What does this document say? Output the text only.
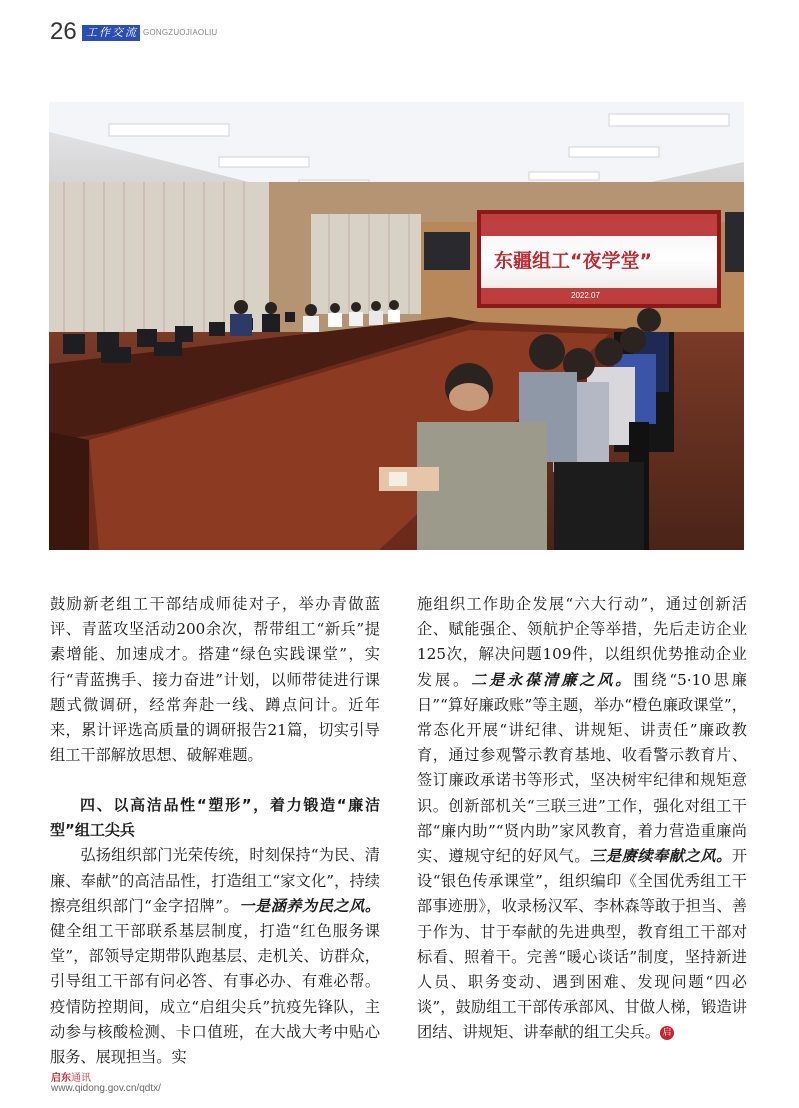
26 工作交流 GONGZUOJIAOLIU
东疆组工“夜学堂”
2022.07

鼓励新老组工干部结成师徒对子，举办青做蓝评、青蓝攻坚活动200余次，帮带组工“新兵”提素增能、加速成才。搭建“绿色实践课堂”，实行“青蓝携手、接力奋进”计划，以师带徒进行课题式微调研，经常奔赴一线、蹲点问计。近年来，累计评选高质量的调研报告21篇，切实引导组工干部解放思想、破解难题。

四、以高洁品性“塑形”，着力锻造“廉洁型”组工尖兵

弘扬组织部门光荣传统，时刻保持“为民、清廉、奉献”的高洁品性，打造组工“家文化”，持续擦亮组织部门“金字招牌”。一是涵养为民之风。健全组工干部联系基层制度，打造“红色服务课堂”，部领导定期带队跑基层、走机关、访群众，引导组工干部有问必答、有事必办、有难必帮。疫情防控期间，成立“启组尖兵”抗疫先锋队，主动参与核酸检测、卡口值班，在大战大考中贴心服务、展现担当。实

施组织工作助企发展“六大行动”，通过创新活企、赋能强企、领航护企等举措，先后走访企业125次，解决问题109件，以组织优势推动企业发展。二是永葆清廉之风。围绕“5·10思廉日”“算好廉政账”等主题，举办“橙色廉政课堂”，常态化开展“讲纪律、讲规矩、讲责任”廉政教育，通过参观警示教育基地、收看警示教育片、签订廉政承诺书等形式，坚决树牢纪律和规矩意识。创新部机关“三联三进”工作，强化对组工干部“廉内助”“贤内助”家风教育，着力营造重廉尚实、遵规守纪的好风气。三是赓续奉献之风。开设“银色传承课堂”，组织编印《全国优秀组工干部事迹册》，收录杨汉军、李林森等敢于担当、善于作为、甘于奉献的先进典型，教育组工干部对标看、照着干。完善“暖心谈话”制度，坚持新进人员、职务变动、遇到困难、发现问题“四必谈”，鼓励组工干部传承部风、甘做人梯，锻造讲团结、讲规矩、讲奉献的组工尖兵。 启

启东通讯
www.qidong.gov.cn/qdtx/
